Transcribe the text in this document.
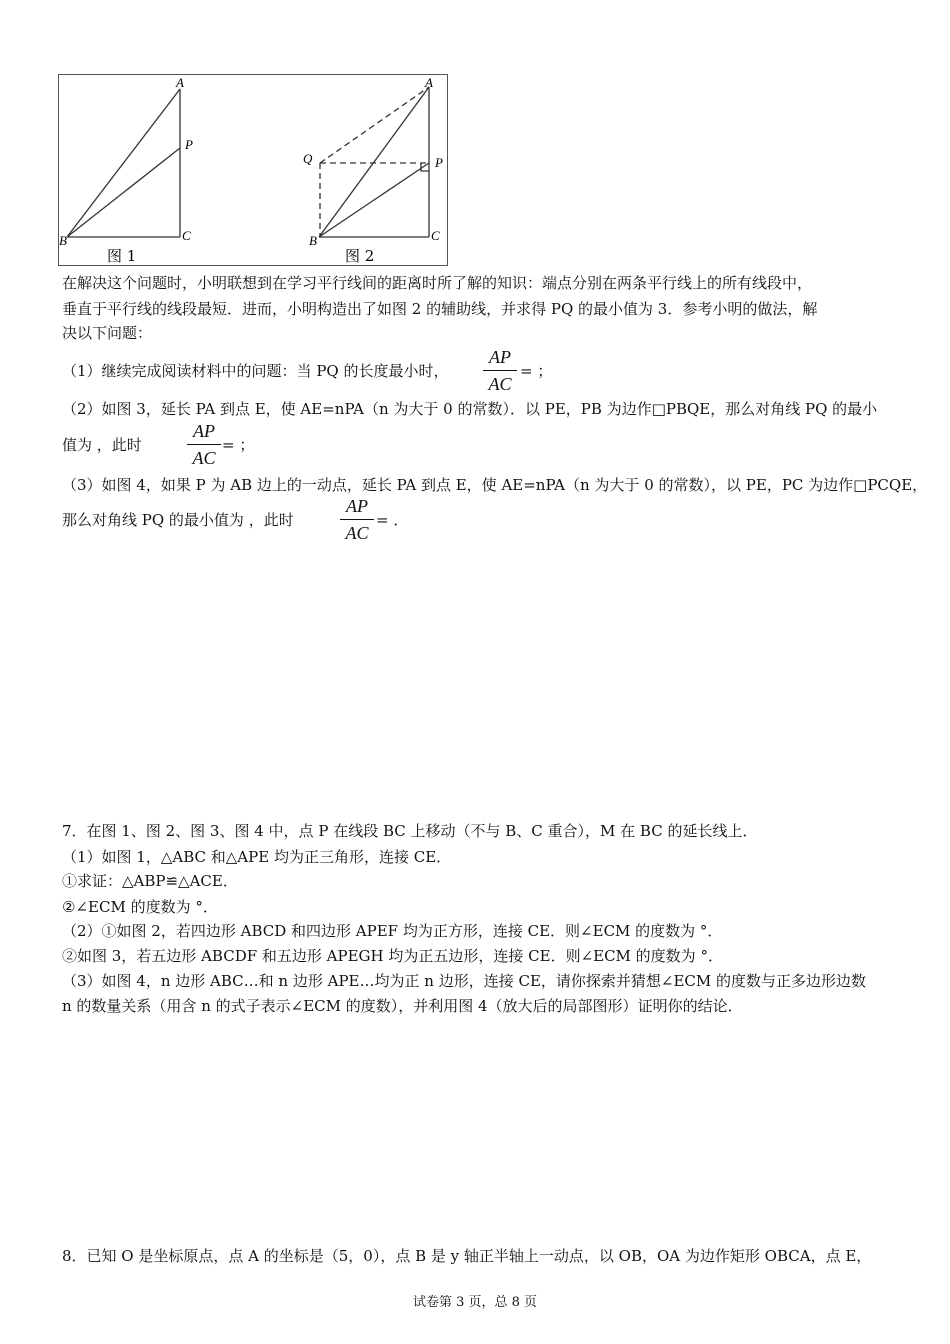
A
P
B	C
图 1
A
P
Q
B	C
图 2
在解决这个问题时，小明联想到在学习平行线间的距离时所了解的知识：端点分别在两条平行线上的所有线段中，
垂直于平行线的线段最短．进而，小明构造出了如图 2 的辅助线，并求得 PQ 的最小值为 3．参考小明的做法，解
决以下问题：
（1）继续完成阅读材料中的问题：当 PQ 的长度最小时，
AP
AC
= ；
（2）如图 3，延长 PA 到点 E，使 AE=nPA（n 为大于 0 的常数）．以 PE，PB 为边作□PBQE，那么对角线 PQ 的最小
值为 ，此时
AP
AC
= ；
（3）如图 4，如果 P 为 AB 边上的一动点，延长 PA 到点 E，使 AE=nPA（n 为大于 0 的常数），以 PE，PC 为边作□PCQE，
那么对角线 PQ 的最小值为 ，此时
AP
AC
= ．
7．在图 1、图 2、图 3、图 4 中，点 P 在线段 BC 上移动（不与 B、C 重合），M 在 BC 的延长线上．
（1）如图 1，△ABC 和△APE 均为正三角形，连接 CE．
①求证：△ABP≌△ACE．
②∠ECM 的度数为 °．
（2）①如图 2，若四边形 ABCD 和四边形 APEF 均为正方形，连接 CE．则∠ECM 的度数为 °．
②如图 3，若五边形 ABCDF 和五边形 APEGH 均为正五边形，连接 CE．则∠ECM 的度数为 °．
（3）如图 4，n 边形 ABC…和 n 边形 APE…均为正 n 边形，连接 CE，请你探索并猜想∠ECM 的度数与正多边形边数
n 的数量关系（用含 n 的式子表示∠ECM 的度数），并利用图 4（放大后的局部图形）证明你的结论．
8．已知 O 是坐标原点，点 A 的坐标是（5，0），点 B 是 y 轴正半轴上一动点，以 OB，OA 为边作矩形 OBCA，点 E，
试卷第 3 页，总 8 页
